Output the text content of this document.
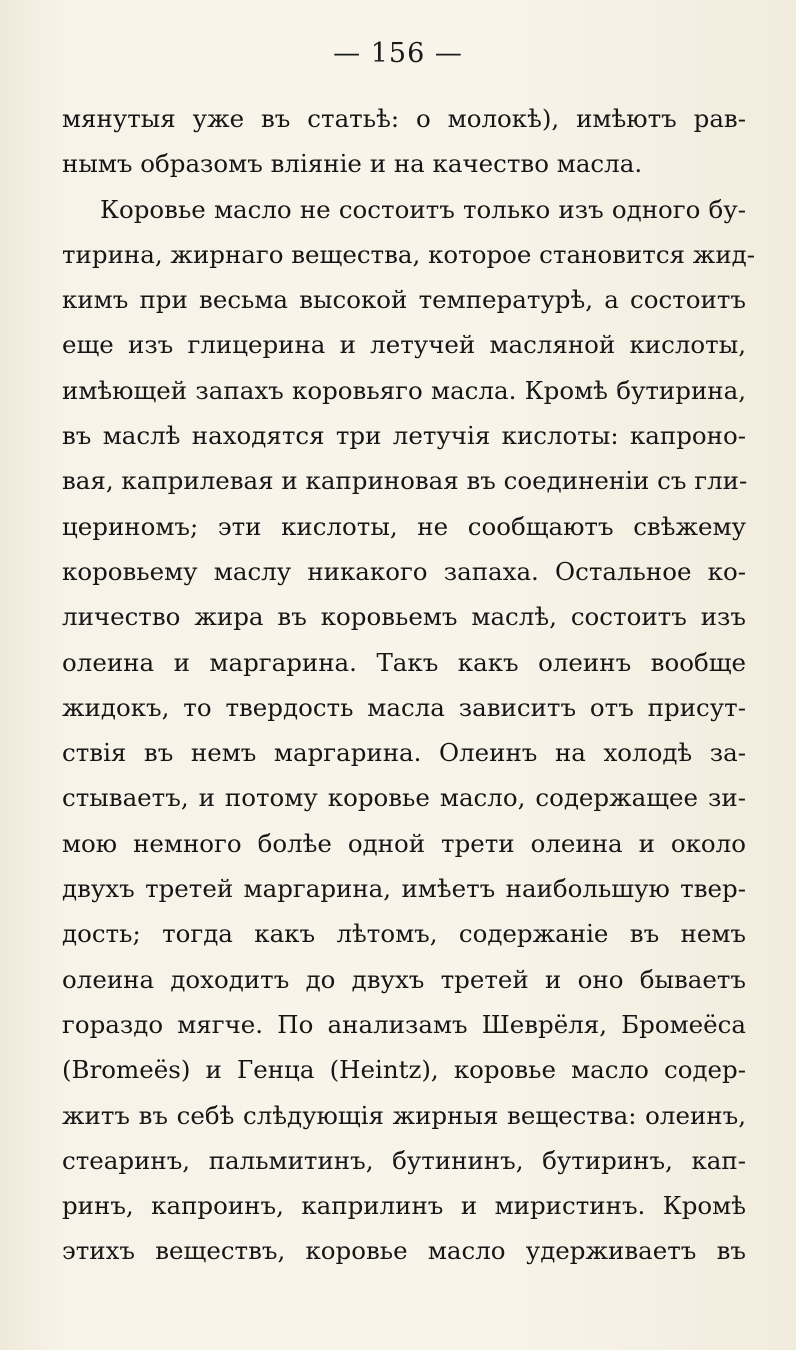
— 156 —
мянутыя уже въ статьѣ: о молокѣ), имѣютъ рав-
нымъ образомъ вліяніе и на качество масла.
Коровье масло не состоитъ только изъ одного бу-
тирина, жирнаго вещества, которое становится жид-
кимъ при весьма высокой температурѣ, а состоитъ
еще изъ глицерина и летучей масляной кислоты,
имѣющей запахъ коровьяго масла. Кромѣ бутирина,
въ маслѣ находятся три летучія кислоты: капроно-
вая, каприлевая и каприновая въ соединеніи съ гли-
цериномъ; эти кислоты, не сообщаютъ свѣжему
коровьему маслу никакого запаха. Остальное ко-
личество жира въ коровьемъ маслѣ, состоитъ изъ
олеина и маргарина. Такъ какъ олеинъ вообще
жидокъ, то твердость масла зависитъ отъ присут-
ствія въ немъ маргарина. Олеинъ на холодѣ за-
стываетъ, и потому коровье масло, содержащее зи-
мою немного болѣе одной трети олеина и около
двухъ третей маргарина, имѣетъ наибольшую твер-
дость; тогда какъ лѣтомъ, содержаніе въ немъ
олеина доходитъ до двухъ третей и оно бываетъ
гораздо мягче. По анализамъ Шеврёля, Бромеëса
(Bromeës) и Генца (Heintz), коровье масло содер-
житъ въ себѣ слѣдующія жирныя вещества: олеинъ,
стеаринъ, пальмитинъ, бутининъ, бутиринъ, кап-
ринъ, капроинъ, каприлинъ и миристинъ. Кромѣ
этихъ веществъ, коровье масло удерживаетъ въ
